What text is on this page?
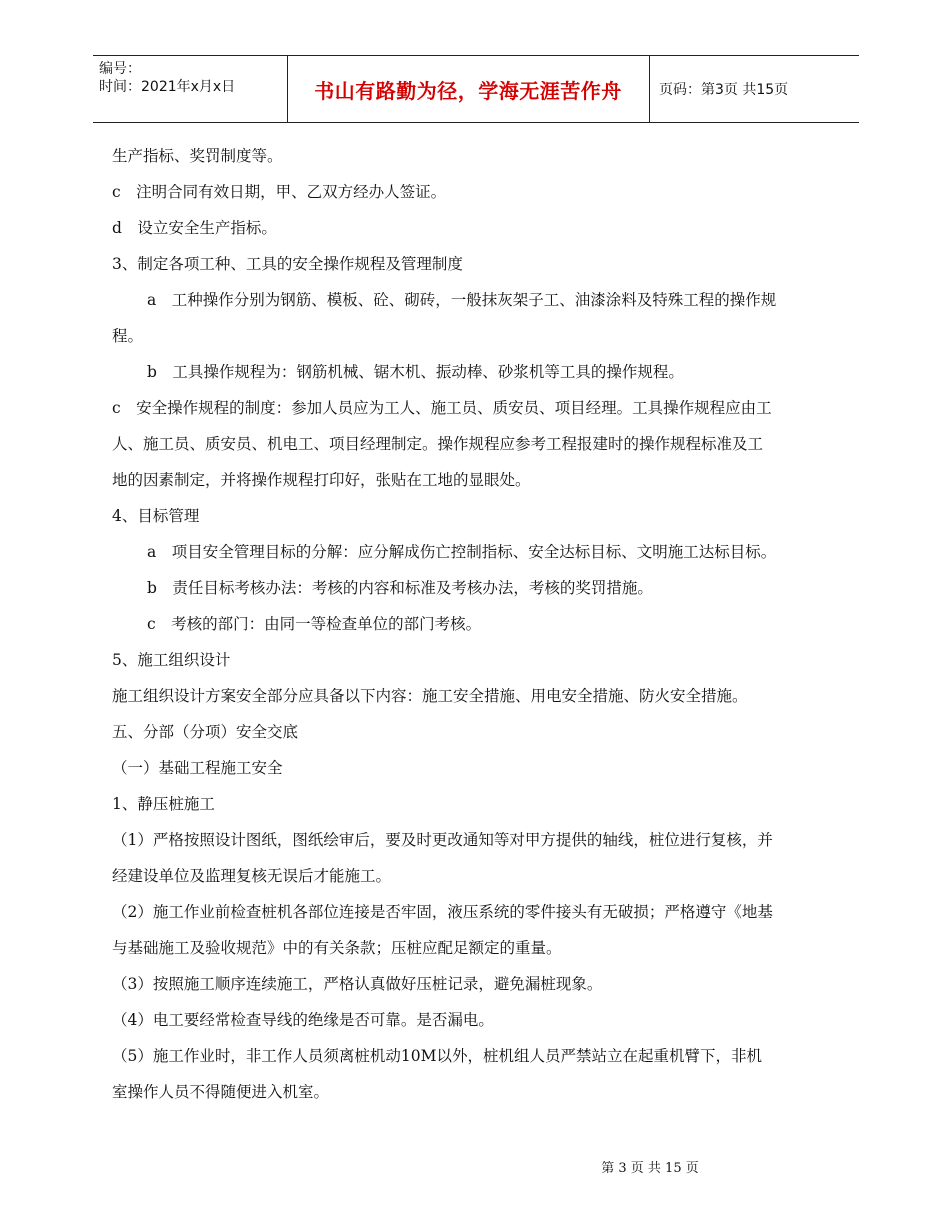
编号：
时间：2021年x月x日	书山有路勤为径，学海无涯苦作舟	页码：第3页 共15页
生产指标、奖罚制度等。
c　注明合同有效日期，甲、乙双方经办人签证。
d　设立安全生产指标。
3、制定各项工种、工具的安全操作规程及管理制度
a　工种操作分别为钢筋、模板、砼、砌砖，一般抹灰架子工、油漆涂料及特殊工程的操作规
程。
b　工具操作规程为：钢筋机械、锯木机、振动棒、砂浆机等工具的操作规程。
c　安全操作规程的制度：参加人员应为工人、施工员、质安员、项目经理。工具操作规程应由工
人、施工员、质安员、机电工、项目经理制定。操作规程应参考工程报建时的操作规程标准及工
地的因素制定，并将操作规程打印好，张贴在工地的显眼处。
4、目标管理
a　项目安全管理目标的分解：应分解成伤亡控制指标、安全达标目标、文明施工达标目标。
b　责任目标考核办法：考核的内容和标准及考核办法，考核的奖罚措施。
c　考核的部门：由同一等检查单位的部门考核。
5、施工组织设计
施工组织设计方案安全部分应具备以下内容：施工安全措施、用电安全措施、防火安全措施。
五、分部（分项）安全交底
（一）基础工程施工安全
1、静压桩施工
（1）严格按照设计图纸，图纸绘审后，要及时更改通知等对甲方提供的轴线，桩位进行复核，并
经建设单位及监理复核无误后才能施工。
（2）施工作业前检查桩机各部位连接是否牢固，液压系统的零件接头有无破损；严格遵守《地基
与基础施工及验收规范》中的有关条款；压桩应配足额定的重量。
（3）按照施工顺序连续施工，严格认真做好压桩记录，避免漏桩现象。
（4）电工要经常检查导线的绝缘是否可靠。是否漏电。
（5）施工作业时，非工作人员须离桩机动10M以外，桩机组人员严禁站立在起重机臂下，非机
室操作人员不得随便进入机室。
第 3 页 共 15 页
